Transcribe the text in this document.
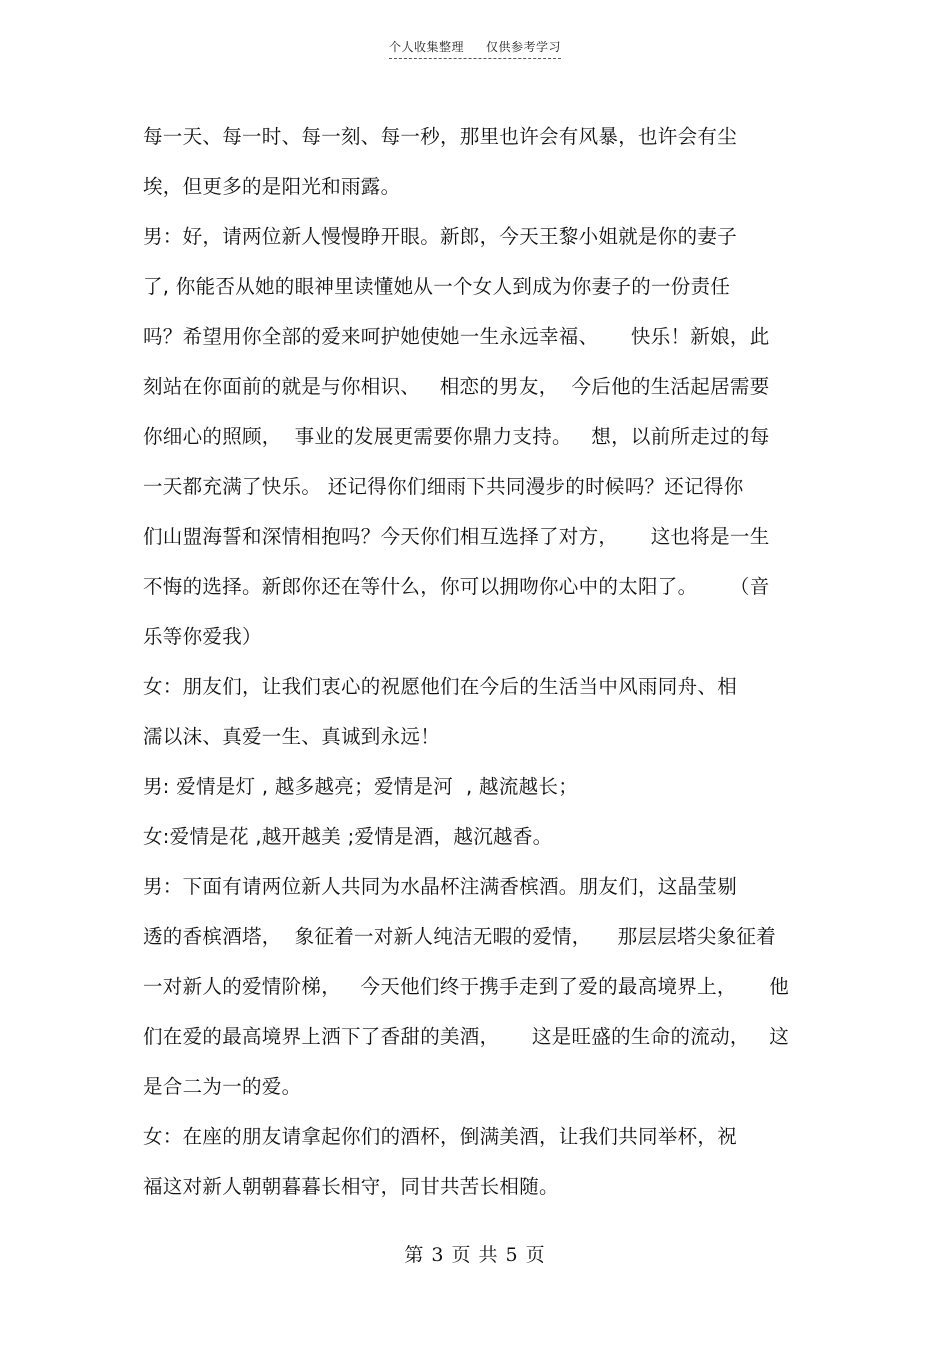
个人收集整理 仅供参考学习
每一天、每一时、每一刻、每一秒，那里也许会有风暴，也许会有尘
埃，但更多的是阳光和雨露。
男：好，请两位新人慢慢睁开眼。新郎，今天王黎小姐就是你的妻子
了, 你能否从她的眼神里读懂她从一个女人到成为你妻子的一份责任
吗？希望用你全部的爱来呵护她使她一生永远幸福、     快乐！新娘，此
刻站在你面前的就是与你相识、   相恋的男友，  今后他的生活起居需要
你细心的照顾，  事业的发展更需要你鼎力支持。   想，以前所走过的每
一天都充满了快乐。 还记得你们细雨下共同漫步的时候吗？还记得你
们山盟海誓和深情相抱吗？今天你们相互选择了对方，     这也将是一生
不悔的选择。新郎你还在等什么，你可以拥吻你心中的太阳了。     （音
乐等你爱我）
女：朋友们，让我们衷心的祝愿他们在今后的生活当中风雨同舟、相
濡以沫、真爱一生、真诚到永远！
男: 爱情是灯 , 越多越亮；爱情是河  , 越流越长；
女:爱情是花 ,越开越美 ;爱情是酒，越沉越香。
男：下面有请两位新人共同为水晶杯注满香槟酒。朋友们，这晶莹剔
透的香槟酒塔，  象征着一对新人纯洁无暇的爱情，    那层层塔尖象征着
一对新人的爱情阶梯，   今天他们终于携手走到了爱的最高境界上，     他
们在爱的最高境界上洒下了香甜的美酒，     这是旺盛的生命的流动，   这
是合二为一的爱。
女：在座的朋友请拿起你们的酒杯，倒满美酒，让我们共同举杯，祝
福这对新人朝朝暮暮长相守，同甘共苦长相随。
第 3 页 共 5 页
